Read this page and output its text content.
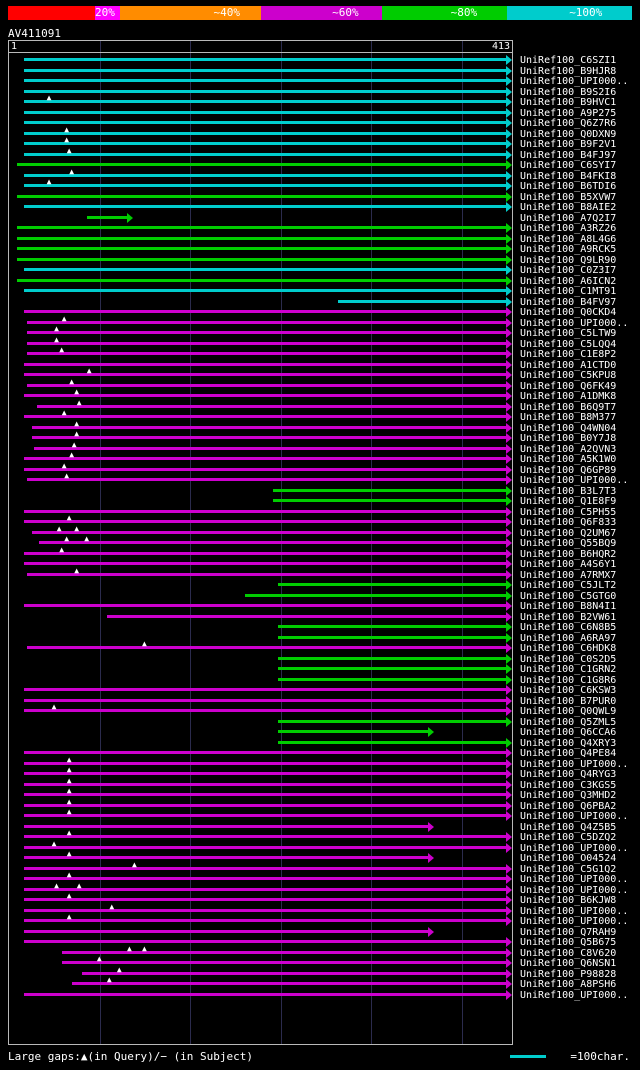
20%	~40%	~60%	~80%	~100%
AV411091
1	413
▲
▲
▲
▲
▲
▲
▲
▲
▲
▲
▲
▲
▲
▲
▲
▲
▲
▲
▲
▲
▲
▲
▲ ▲
▲ ▲
▲
▲
▲
▲
▲
▲
▲
▲
▲
▲
▲
▲
▲
▲
▲
▲ ▲
▲
▲
▲
▲ ▲
▲
▲
▲
UniRef100_C6SZI1
UniRef100_B9HJR8
UniRef100_UPI000..
UniRef100_B9S2I6
UniRef100_B9HVC1
UniRef100_A9P275
UniRef100_Q6Z7R6
UniRef100_Q0DXN9
UniRef100_B9F2V1
UniRef100_B4FJ97
UniRef100_C6SYI7
UniRef100_B4FKI8
UniRef100_B6TDI6
UniRef100_B5XVW7
UniRef100_B8AIE2
UniRef100_A7Q2I7
UniRef100_A3RZ26
UniRef100_A8L4G6
UniRef100_A9RCK5
UniRef100_Q9LR90
UniRef100_C0Z3I7
UniRef100_A6ICN2
UniRef100_C1MT91
UniRef100_B4FV97
UniRef100_Q0CKD4
UniRef100_UPI000..
UniRef100_C5LTW9
UniRef100_C5LQQ4
UniRef100_C1E8P2
UniRef100_A1CTD0
UniRef100_C5KPU8
UniRef100_Q6FK49
UniRef100_A1DMK8
UniRef100_B6Q9T7
UniRef100_B8M377
UniRef100_Q4WN04
UniRef100_B0Y7J8
UniRef100_A2QVN3
UniRef100_A5K1W0
UniRef100_Q6GP89
UniRef100_UPI000..
UniRef100_B3L7T3
UniRef100_Q1E8F9
UniRef100_C5PH55
UniRef100_Q6F833
UniRef100_Q2UM67
UniRef100_Q55BQ9
UniRef100_B6HQR2
UniRef100_A4S6Y1
UniRef100_A7RMX7
UniRef100_C5JLT2
UniRef100_C5GTG0
UniRef100_B8N4I1
UniRef100_B2VW61
UniRef100_C6N8B5
UniRef100_A6RA97
UniRef100_C6HDK8
UniRef100_C0S2D5
UniRef100_C1GRN2
UniRef100_C1G8R6
UniRef100_C6KSW3
UniRef100_B7PUR0
UniRef100_Q0QWL9
UniRef100_Q5ZML5
UniRef100_Q6CCA6
UniRef100_Q4XRY3
UniRef100_Q4PE84
UniRef100_UPI000..
UniRef100_Q4RYG3
UniRef100_C3KGS5
UniRef100_Q3MHD2
UniRef100_Q6PBA2
UniRef100_UPI000..
UniRef100_Q4Z5B5
UniRef100_C5DZQ2
UniRef100_UPI000..
UniRef100_O04524
UniRef100_C5G1Q2
UniRef100_UPI000..
UniRef100_UPI000..
UniRef100_B6KJW8
UniRef100_UPI000..
UniRef100_UPI000..
UniRef100_Q7RAH9
UniRef100_Q5B675
UniRef100_C8V620
UniRef100_Q6NSN1
UniRef100_P98828
UniRef100_A8PSH6
UniRef100_UPI000..
Large gaps:▲(in Query)/− (in Subject)	=100char.
